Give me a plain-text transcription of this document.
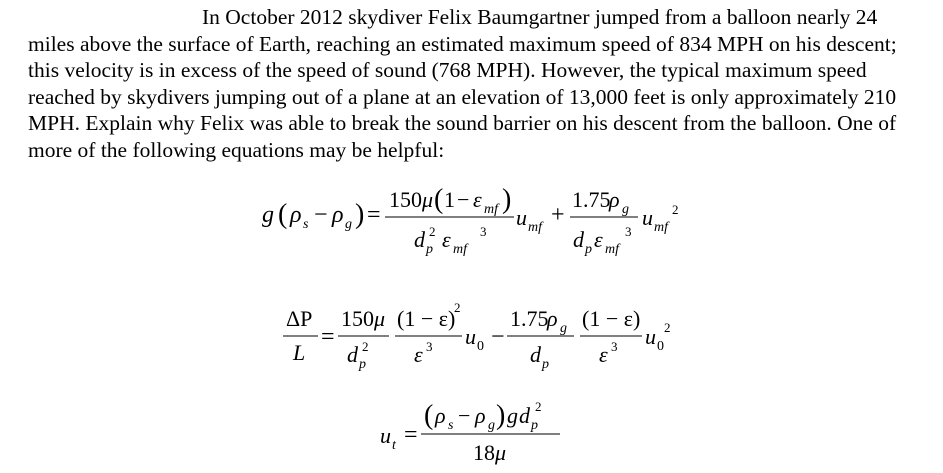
In October 2012 skydiver Felix Baumgartner jumped from a balloon nearly 24 miles above the surface of Earth, reaching an estimated maximum speed of 834 MPH on his descent; this velocity is in excess of the speed of sound (768 MPH). However, the typical maximum speed reached by skydivers jumping out of a plane at an elevation of 13,000 feet is only approximately 210 MPH. Explain why Felix was able to break the sound barrier on his descent from the balloon. One of more of the following equations may be helpful:

g ( ρ s − ρ g ) =
150 μ ( 1 − ε mf )
d p
2 ε mf
3
u mf +
1.75
ρ g
d p ε mf
3
u mf
2
ΔP
L
=
150 μ
d p
2
(1 − ε)
2
ε 3 u 0 −
1.75
ρ g
d p
(1 − ε)
ε 3 u 0
2
u t =
( ρ s − ρ g ) g d p
2
18 μ
